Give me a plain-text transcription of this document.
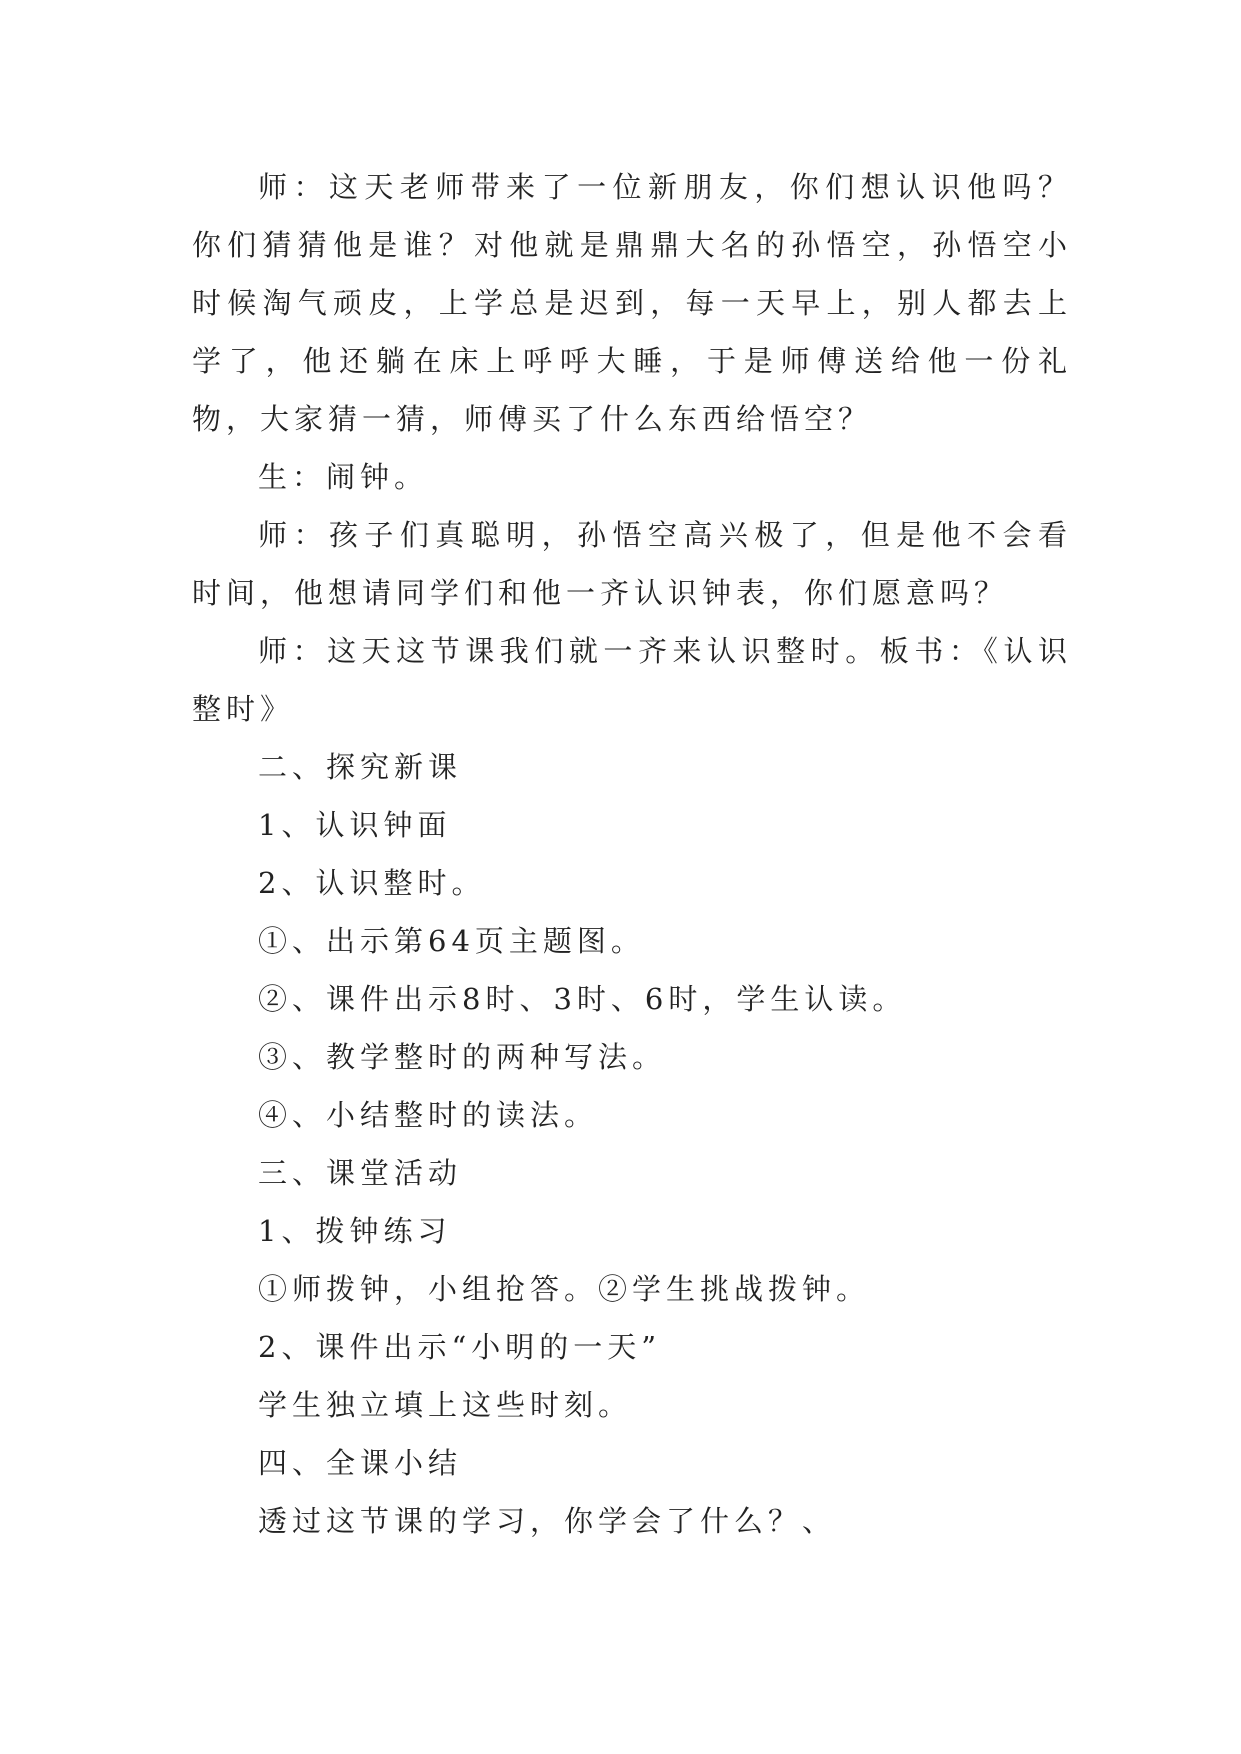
师：这天老师带来了一位新朋友，你们想认识他吗？你们猜猜他是谁？对他就是鼎鼎大名的孙悟空，孙悟空小时候淘气顽皮，上学总是迟到，每一天早上，别人都去上学了，他还躺在床上呼呼大睡，于是师傅送给他一份礼物，大家猜一猜，师傅买了什么东西给悟空？

生：闹钟。

师：孩子们真聪明，孙悟空高兴极了，但是他不会看时间，他想请同学们和他一齐认识钟表，你们愿意吗？

师：这天这节课我们就一齐来认识整时。板书：《认识整时》

二、探究新课

1、认识钟面

2、认识整时。

①、出示第64页主题图。

②、课件出示8时、3时、6时，学生认读。

③、教学整时的两种写法。

④、小结整时的读法。

三、课堂活动

1、拨钟练习

①师拨钟，小组抢答。②学生挑战拨钟。

2、课件出示“小明的一天”

学生独立填上这些时刻。

四、全课小结

透过这节课的学习，你学会了什么？、
